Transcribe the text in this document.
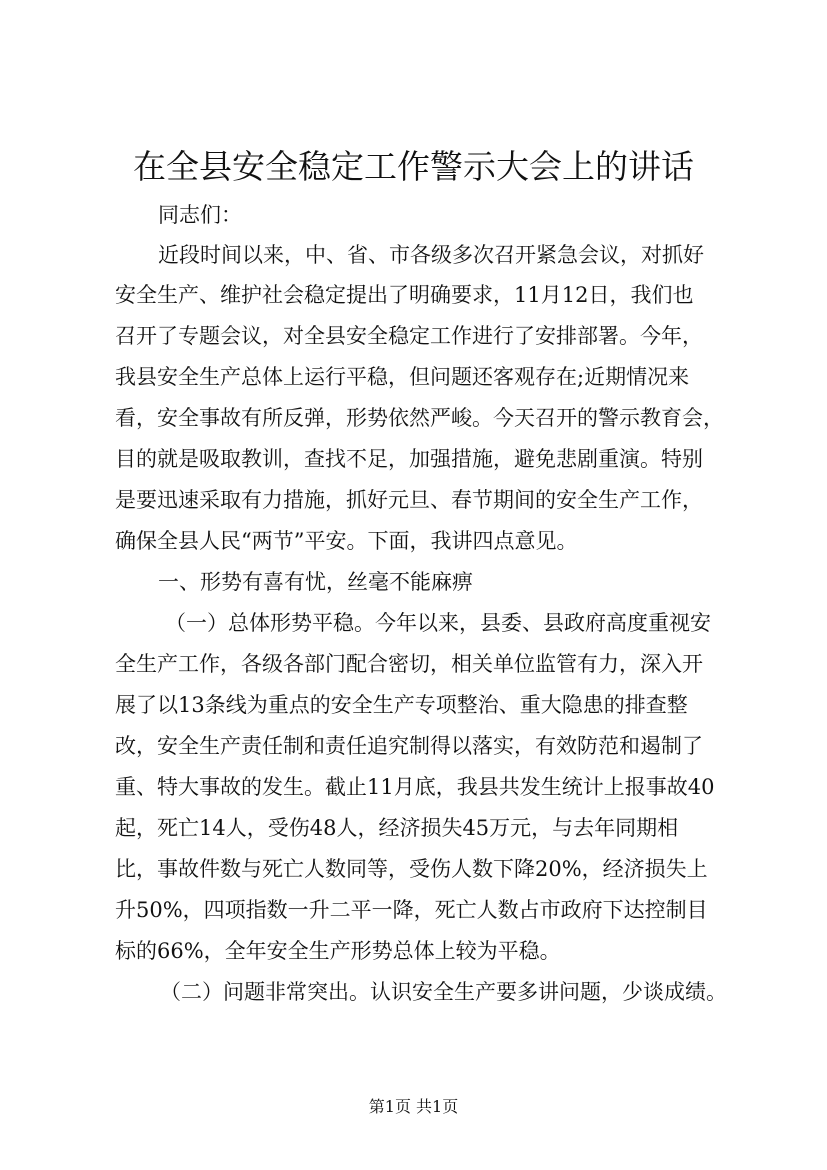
在全县安全稳定工作警示大会上的讲话
同志们：
近段时间以来，中、省、市各级多次召开紧急会议，对抓好
安全生产、维护社会稳定提出了明确要求，11月12日，我们也
召开了专题会议，对全县安全稳定工作进行了安排部署。今年，
我县安全生产总体上运行平稳，但问题还客观存在;近期情况来
看，安全事故有所反弹，形势依然严峻。今天召开的警示教育会，
目的就是吸取教训，查找不足，加强措施，避免悲剧重演。特别
是要迅速采取有力措施，抓好元旦、春节期间的安全生产工作，
确保全县人民“两节”平安。下面，我讲四点意见。
一、形势有喜有忧，丝毫不能麻痹
（一）总体形势平稳。今年以来，县委、县政府高度重视安
全生产工作，各级各部门配合密切，相关单位监管有力，深入开
展了以13条线为重点的安全生产专项整治、重大隐患的排查整
改，安全生产责任制和责任追究制得以落实，有效防范和遏制了
重、特大事故的发生。截止11月底，我县共发生统计上报事故40
起，死亡14人，受伤48人，经济损失45万元，与去年同期相
比，事故件数与死亡人数同等，受伤人数下降20%，经济损失上
升50%，四项指数一升二平一降，死亡人数占市政府下达控制目
标的66%，全年安全生产形势总体上较为平稳。
（二）问题非常突出。认识安全生产要多讲问题，少谈成绩。
第1页 共1页
